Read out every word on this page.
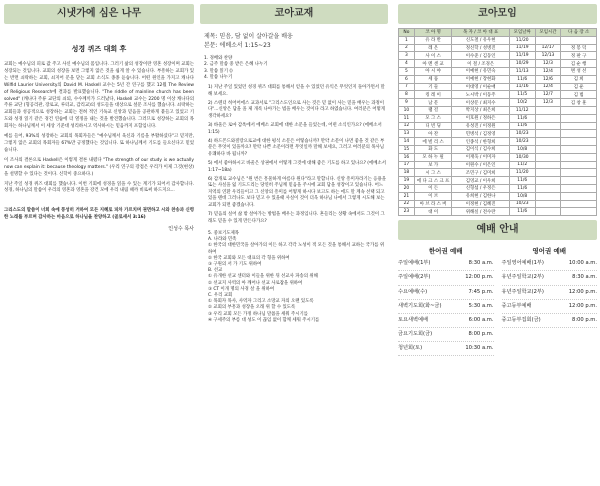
시냇가에 심은 나무
성경 퀴즈 대회 후

교회는 예수님의 피로 값 주고 사신 예수님의 몸입니다. 그러기 삶의 성장이란 영혼 성장이며 교회는 성장되는 것입니다. 교회의 성장을 보면 그렇지 않은 것을 쉽게 알 수 있습니다. 부흥하는 교회가 있는 반면 쇠락하는 교회, 쇠지어 문을 닫는 교회 소식도 종종 듣습니다. 어떤 원인을 가지고 캐나다 Wilfid Laurier University의 David M. Haskell 교수는 5년 간 연구를 했고 12월 The Review of Religious Research에 결과를 발표했습니다. "The riddle of mainline church has been solved" (캐나다 주류 교단의 쇠퇴, 수수께끼가 드러났다, Haskell 교수는 2200 명 이상 캐나다의 주류 교단 (형공리관, 장로교, 루터교, 감리교)의 성도들을 대상으로 설문 조사를 했습니다. 쇠락하는 교회들과 성공적으로 성장하는 교회는 전혀 적인 기독교 신앙과 믿음을 공관하게 붙들고 있었고 기도와 성경 읽기 같은 경건 연습에 더 열정을 내는 것을 발견했습니다. 그러므로 성장하는 교회의 목회자는 하나님께서 이 세상 기준대 성리하시고 역사하시는 믿음까지 포함입니다.

예를 들어, 93%의 성장하는 교회의 목회자들은 "예수님께서 육신과 기름을 부활하셨다"고 믿지만, 그렇지 않은 교회의 목회자들 67%만 긍정했다는 것입니다. 또 하나님께서 기도를 들으신다고 믿었습니다.

이 조사의 결론으로 Haskell은 이렇게 결론 내렸다 "The strength of our study is we actually now can explain it: because theology matters." (우리 연구의 강점은 우리가 이제 그것(현상)을 설명할 수 있다는 것이다. 신학이 중요하다.)

지난 주일 성경 퀴즈 대회를 했습니다. 이번 기회에 성경을 읽을 수 있는 계기가 되어서 감사합니다. 성경, 하나님의 말씀이 우리의 영혼과 영혼을 강건 모에 우리 내림 때까 비로써 하드지요...

그리스도의 말씀이 너희 속에 풍성히 거하여 모든 지혜로 피차 가르치며 권면하고 시와 찬송과 신령한 노래를 부르며 감사하는 마음으로 하나님을 찬양하고 (골로새서 3:16)

인성수 목사
코아교재
제목: 믿음, 담 없이 살아갈을 배웅
본문: 에베소서 1:15~23
1. 경배와 찬양
2. 금주 말씀 중 받은 은혜 나누기
3. 말씀 읽기 ()
4. 말씀 나누기

1) 지난 주일 있었던 성경 퀴즈 대회를 통해서 얻을 수 있었던 유익은 무엇인지 돌아가면서 말해 보세요.

2) 스텐더 히어어에스 교과서로 "그리스도인으로 사는 것은 믿 없이 사는 믿을 배우는 과정이다"...신앙은 담을 올 제 개록 나아가는 법을 배우는 것이다 라고 하였습니다. 여러분은 어떻게 생각하세요?

3) 바울은 로마 감옥에서 에베소 교회에 대한 소문을 들었는데, 어떤 소식인가요? (에베소서 1:15)

4) 하드몬드와질랑으로교에 대한 평석 소문은 어떻습니까? 만약 소문이 나면 좋을 것 같은 부분은 무엇이 있을까요? 만약 나쁜 소문이라면 무엇일까 말해 보세요, 그러고 여러분의 목사님 유쾌하다 바 됩니까?

5) 에서 좋아하시고 바울은 상권에서 어떻게 그것에 대해 좋은 기도를 하고 있나요? (에베소서 1:17~18a)

6) 감개로 교수님은 "원 번은 흥물하게 아름다 원다"라고 말합니다. 신앙 흥미자라기는 응용을 또는 사실을 잃 기도드리는 당연히 주님께 믿음을 주시에 교회 담을 성장이고 있습니다. 어느 지역의 연환 우리들이고 그 신앙의 흥미를 어떻게 하시다 보고도 하는 에드 말 계속 선택 되고 있을 텐데 그러나도 보다 믿고 수 있을때 사실이 것이 더욱 하나님 나에서 그렇게 시도해 보는 교회가 되면 좋겠습니다.

7) 믿음의 실어 삶 밖 살아가는 방법을 배우는 과정입니다. 흔들리는 상황 속에서도 그것이 그래도 믿을 수 있게 만든다가요?

5. 중보기도제목
A. 나라와 민족
① 한국의 대한민국을 살아가의 이든 하고 각각 노성이 적 모든 것을 통해서 교하는 국가를 위하여
② 한국 교회와 모든 대표의 각 형을 위하여
③ 구원의 서 가 기도 위하여
B. 선교
① 유개한 선교 센터와 이들을 위한 뒤 선교사 파송의 위해
② 선교지 사역의 아 깨어나 선교 사로잡을 위하여
③ CT 이개 명의 사경 살 을 위하여
C. 우리 교회
① 목회자 목사, 사역자 그리고 소망교 자의 오랜 있도록
② 교회의 부흥과 성장을 오래 위 할 수 있도록
③ 우리 교회 모든 가정 하나님 말씀을 세워 주시기를
④ 구세주의 부름 대 성도 이 끊임 없이 함께 세워 주시기를
코아모임
No	코 아 명	목 자 / 코 아 대 표	모임날짜	모임시간	다 음 장 소
1	유 라 반	신도철 / 유우현	11/20		
2	레 온	정신학 / 성병진	11/19	12/17	정 봉 덕
3	사 이 스	이수준 / 김동인	11/19	12/13	정 판 구
4	아 멘 센 교	이 철 / 조경은	10/29	12/3	김 순 행
5	아 시 야	이예현 / 유민숙	11/13	12/4	변 성 선
6	세 품	이예현 / 장현화	11/6	12/6	김 희
7	기 둘	이대영 / 이순애	11/16	12/4	김 운
8	킹 레 이	노시박 / 이동주	11/5	12/7	김 범
9	남 문	이상문 / 최지수	10/2	12/3	김 창 훈
10	램 걸	박지상 / 최은희	11/12		
11	모 그 스	이호원 / 정하은	11/6		
12	디 빈 딩	유성진 / 이정원	11/6		
13	아 잔	민병석 / 김정영	10/23		
14	에 벌 리 스	인종석 / 한형희	10/23		
15	화 도	김이식 / 김수희	10/8		
16	모 하 누 필	이재욱 / 이미자	10/30		
17	보 가	이원수 / 이은인	11/2		
18	시 그 스	조민구 / 김미희	11/20		
19	에 다 크 스 크 프	김영교 / 이우희	11/6		
20	이 든	신형섭 / 우정은	11/6		
21	이 브	유희현 / 김한나	10/8		
22	아 브 라 스 버	이정현 / 김혜진	10/23		
23	대 이	위해실 / 전수란	11/6		
예배 안내
한어권 예배
주일예배(1부)	8:30 a.m.
주일예배(2부)	12:00 p.m.
수요예배(수)	7:45 p.m.
새벽기도회(화~금)	5:30 a.m.
토요새벽예배	6:00 a.m.
금요기도회(금)	8:00 p.m.
청년회(토)	10:30 a.m.
영어권 예배
주일영어예배(1부)	10:00 a.m.
유년주일학교(2부)	8:30 a.m.
유년주일학교(2부)	12:00 p.m.
중고등부예배	12:00 p.m.
중고등부집회(금)	8:00 p.m.
